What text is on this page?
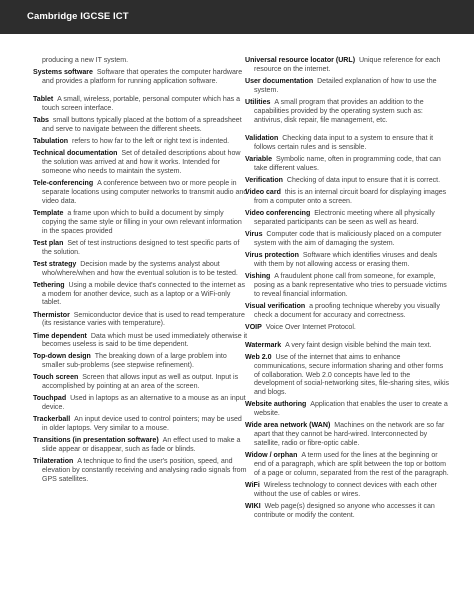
Cambridge IGCSE ICT

producing a new IT system.

Systems software Software that operates the computer hardware and provides a platform for running application software.

Tablet A small, wireless, portable, personal computer which has a touch screen interface.

Tabs small buttons typically placed at the bottom of a spreadsheet and serve to navigate between the different sheets.

Tabulation refers to how far to the left or right text is indented.

Technical documentation Set of detailed descriptions about how the solution was arrived at and how it works. Intended for someone who needs to maintain the system.

Tele-conferencing A conference between two or more people in separate locations using computer networks to transmit audio and video data.

Template a frame upon which to build a document by simply copying the same style or filling in your own relevant information in the spaces provided

Test plan Set of test instructions designed to test specific parts of the solution.

Test strategy Decision made by the systems analyst about who/where/when and how the eventual solution is to be tested.

Tethering Using a mobile device that's connected to the internet as a modem for another device, such as a laptop or a WiFi-only tablet.

Thermistor Semiconductor device that is used to read temperature (its resistance varies with temperature).

Time dependent Data which must be used immediately otherwise it becomes useless is said to be time dependent.

Top-down design The breaking down of a large problem into smaller sub-problems (see stepwise refinement).

Touch screen Screen that allows input as well as output. Input is accomplished by pointing at an area of the screen.

Touchpad Used in laptops as an alternative to a mouse as an input device.

Trackerball An input device used to control pointers; may be used in older laptops. Very similar to a mouse.

Transitions (in presentation software) An effect used to make a slide appear or disappear, such as fade or blinds.

Trilateration A technique to find the user's position, speed, and elevation by constantly receiving and analysing radio signals from GPS satellites.

Universal resource locator (URL) Unique reference for each resource on the internet.

User documentation Detailed explanation of how to use the system.

Utilities A small program that provides an addition to the capabilities provided by the operating system such as: antivirus, disk repair, file management, etc.

Validation Checking data input to a system to ensure that it follows certain rules and is sensible.

Variable Symbolic name, often in programming code, that can take different values.

Verification Checking of data input to ensure that it is correct.

Video card this is an internal circuit board for displaying images from a computer onto a screen.

Video conferencing Electronic meeting where all physically separated participants can be seen as well as heard.

Virus Computer code that is maliciously placed on a computer system with the aim of damaging the system.

Virus protection Software which identifies viruses and deals with them by not allowing access or erasing them.

Vishing A fraudulent phone call from someone, for example, posing as a bank representative who tries to persuade victims to reveal financial information.

Visual verification a proofing technique whereby you visually check a document for accuracy and correctness.

VOIP Voice Over Internet Protocol.

Watermark A very faint design visible behind the main text.

Web 2.0 Use of the internet that aims to enhance communications, secure information sharing and other forms of collaboration. Web 2.0 concepts have led to the development of social-networking sites, file-sharing sites, wikis and blogs.

Website authoring Application that enables the user to create a website.

Wide area network (WAN) Machines on the network are so far apart that they cannot be hard-wired. Interconnected by satellite, radio or fibre-optic cable.

Widow / orphan A term used for the lines at the beginning or end of a paragraph, which are split between the top or bottom of a page or column, separated from the rest of the paragraph.

WiFi Wireless technology to connect devices with each other without the use of cables or wires.

WIKI Web page(s) designed so anyone who accesses it can contribute or modify the content.
